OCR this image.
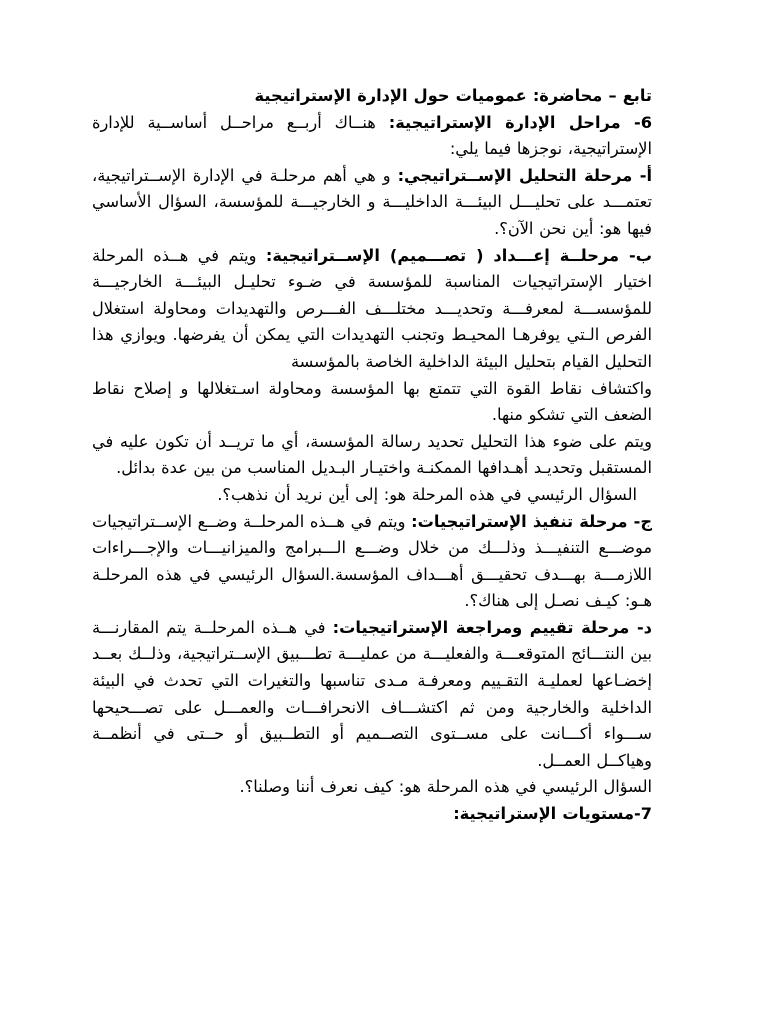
تابع – محاضرة: عموميات حول الإدارة الإستراتيجية
6- مراحل الإدارة الإستراتيجية: هنــاك أربــع مراحــل أساســية للإدارة الإستراتيجية، نوجزها فيما يلي:
أ- مرحلة التحليل الإســتراتيجي: و هي أهم مرحلـة في الإدارة الإســتراتيجية، تعتمـــد على تحليـــل البيئـــة الداخليـــة و الخارجيـــة للمؤسسة، السؤال الأساسي فيها هو: أين نحن الآن؟.
ب- مرحلــة إعـــداد ( تصـــميم) الإســتراتيجية: ويتم في هــذه المرحلة اختيار الإستراتيجيات المناسبة للمؤسسة في ضـوء تحليـل البيئـــة الخارجيـــة للمؤسســـة لمعرفـــة وتحديـــد مختلـــف الفـــرص والتهديدات ومحاولة استغلال الفرص الـتي يوفرهـا المحيـط وتجنب التهديدات التي يمكن أن يفرضها. ويوازي هذا التحليل القيام بتحليل البيئة الداخلية الخاصة بالمؤسسة
واكتشاف نقاط القوة التي تتمتع بها المؤسسة ومحاولة اسـتغلالها و إصلاح نقاط الضعف التي تشكو منها.
ويتم على ضوء هذا التحليل تحديد رسالة المؤسسة، أي ما تريــد أن تكون عليه في المستقبل وتحديـد أهـدافها الممكنـة واختيـار البـديل المناسب من بين عدة بدائل.
السؤال الرئيسي في هذه المرحلة هو: إلى أين نريد أن نذهب؟.
ج- مرحلة تنفيذ الإستراتيجيات: ويتم في هــذه المرحلــة وضــع الإســتراتيجيات موضـــع التنفيـــذ وذلـــك من خلال وضـــع الـــبرامج والميزانيـــات والإجـــراءات اللازمـــة بهـــدف تحقيـــق أهـــداف المؤسسة.السؤال الرئيسي في هذه المرحلـة هـو: كيـف نصـل إلى هناك؟.
د- مرحلة تقييم ومراجعة الإستراتيجيات: في هــذه المرحلــة يتم المقارنـــة بين النتـــائج المتوقعـــة والفعليـــة من عمليـــة تطـــبيق الإســتراتيجية، وذلــك بعــد إخضـاعها لعمليـة التقـييم ومعرفـة مـدى تناسبها والتغيرات التي تحدث في البيئة الداخلية والخارجية ومن ثم اكتشـــاف الانحرافـــات والعمـــل على تصـــحيحها ســـواء أكـــانت على مســتوى التصــميم أو التطــبيق أو حــتى في أنظمــة وهياكــل العمــل.
السؤال الرئيسي في هذه المرحلة هو: كيف نعرف أننا وصلنا؟.
7-مستويات الإستراتيجية:
